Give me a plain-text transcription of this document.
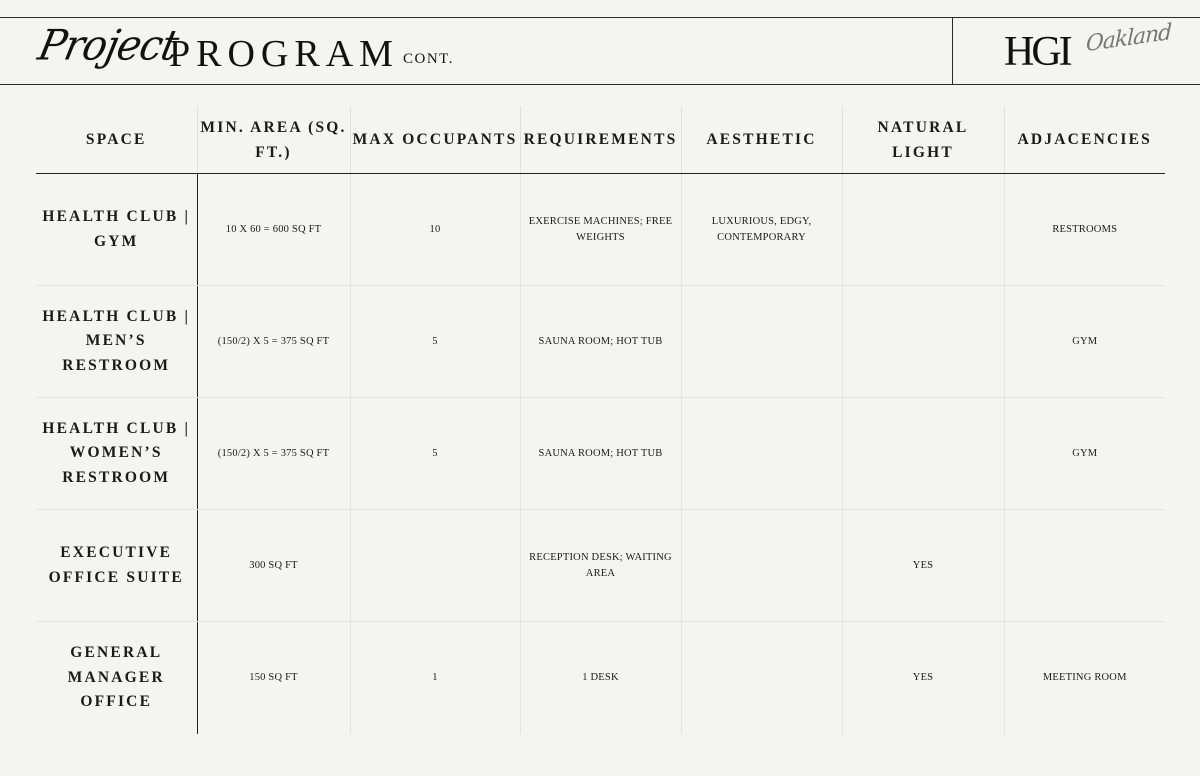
Project
PROGRAM CONT.	HGI Oakland
SPACE	MIN. AREA (SQ. FT.)	MAX OCCUPANTS	REQUIREMENTS	AESTHETIC	NATURAL LIGHT	ADJACENCIES
HEALTH CLUB | GYM	10 X 60 = 600 SQ FT	10	EXERCISE MACHINES; FREE WEIGHTS	LUXURIOUS, EDGY, CONTEMPORARY		RESTROOMS
HEALTH CLUB | MEN’S RESTROOM	(150/2) X 5 = 375 SQ FT	5	SAUNA ROOM; HOT TUB			GYM
HEALTH CLUB | WOMEN’S RESTROOM	(150/2) X 5 = 375 SQ FT	5	SAUNA ROOM; HOT TUB			GYM
EXECUTIVE OFFICE SUITE	300 SQ FT		RECEPTION DESK; WAITING AREA		YES	
GENERAL MANAGER OFFICE	150 SQ FT	1	1 DESK		YES	MEETING ROOM
